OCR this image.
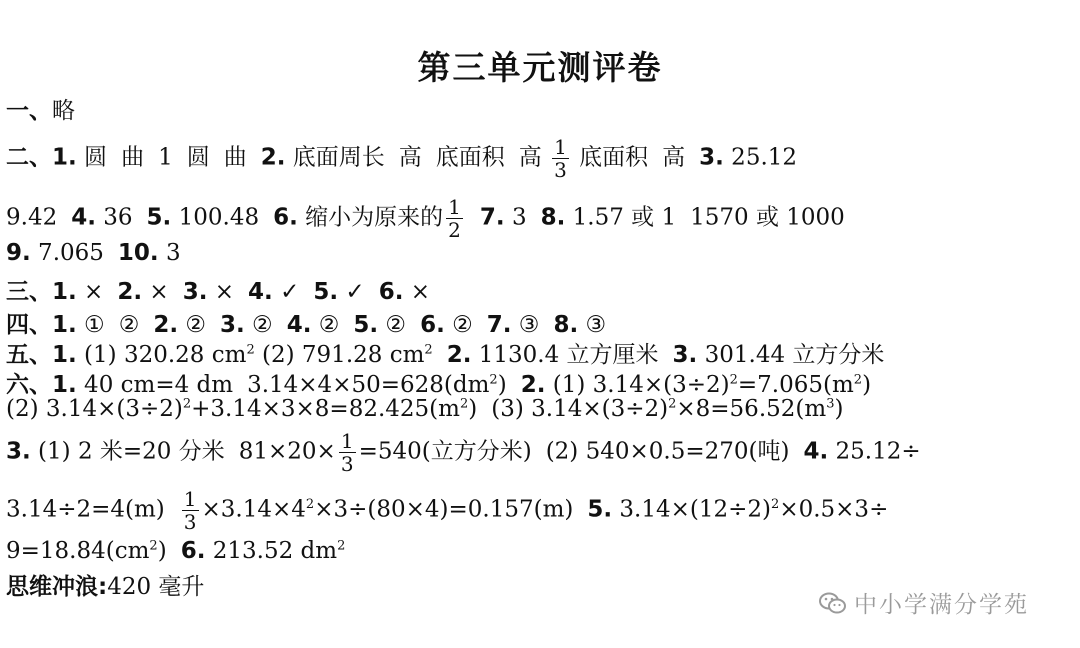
第三单元测评卷
一、略
二、1. 圆 曲 1 圆 曲 2. 底面周长 高 底面积 高 $\frac{1}{3}$ 底面积 高 3. 25.12
9.42 4. 36 5. 100.48 6. 缩小为原来的 $\frac{1}{2} 7$. 3 8. 1.57 或 1 1570 或 1000
9. 7.065 10. 3
三、1. × 2. × 3. × 4. ✓ 5. ✓ 6. ×
四、1. ① ② 2. ② 3. ② 4. ② 5. ② 6. ② 7. ③ 8. ③
五、1. (1) 320.28 $cm^2$ (2) 791.28 $cm^2$ 2. 1130.4 立方厘米 3. 301.44 立方分米
六、1. 40 cm=4 dm $3.14\times 4\times 50=628(dm^2)$ 2. (1) $3.14\times(3\div 2)^2=7.065(m^2)$
(2) $3.14\times(3\div 2)^2+3.14\times 3\times 8=82.425(m^2)$ (3) $3.14\times(3\div 2)^2\times 8=56.52(m^3)$
3. (1) 2 米=20 分米 $81\times 20\times \frac{1}{3} =540$(立方分米) (2) 540×0.5=270(吨) 4. 25.12÷
$3.14\div 2=4(m) \frac{1}{3} \times 3.14\times 4^2\times 3\div(80\times 4)=0.157(m)$ 5. $3.14\times(12\div 2)^2\times 0.5\times 3\div$
$9=18.84(cm^2)$ 6. 213.52 $dm^2$
思维冲浪:420 毫升
中小学满分学苑
